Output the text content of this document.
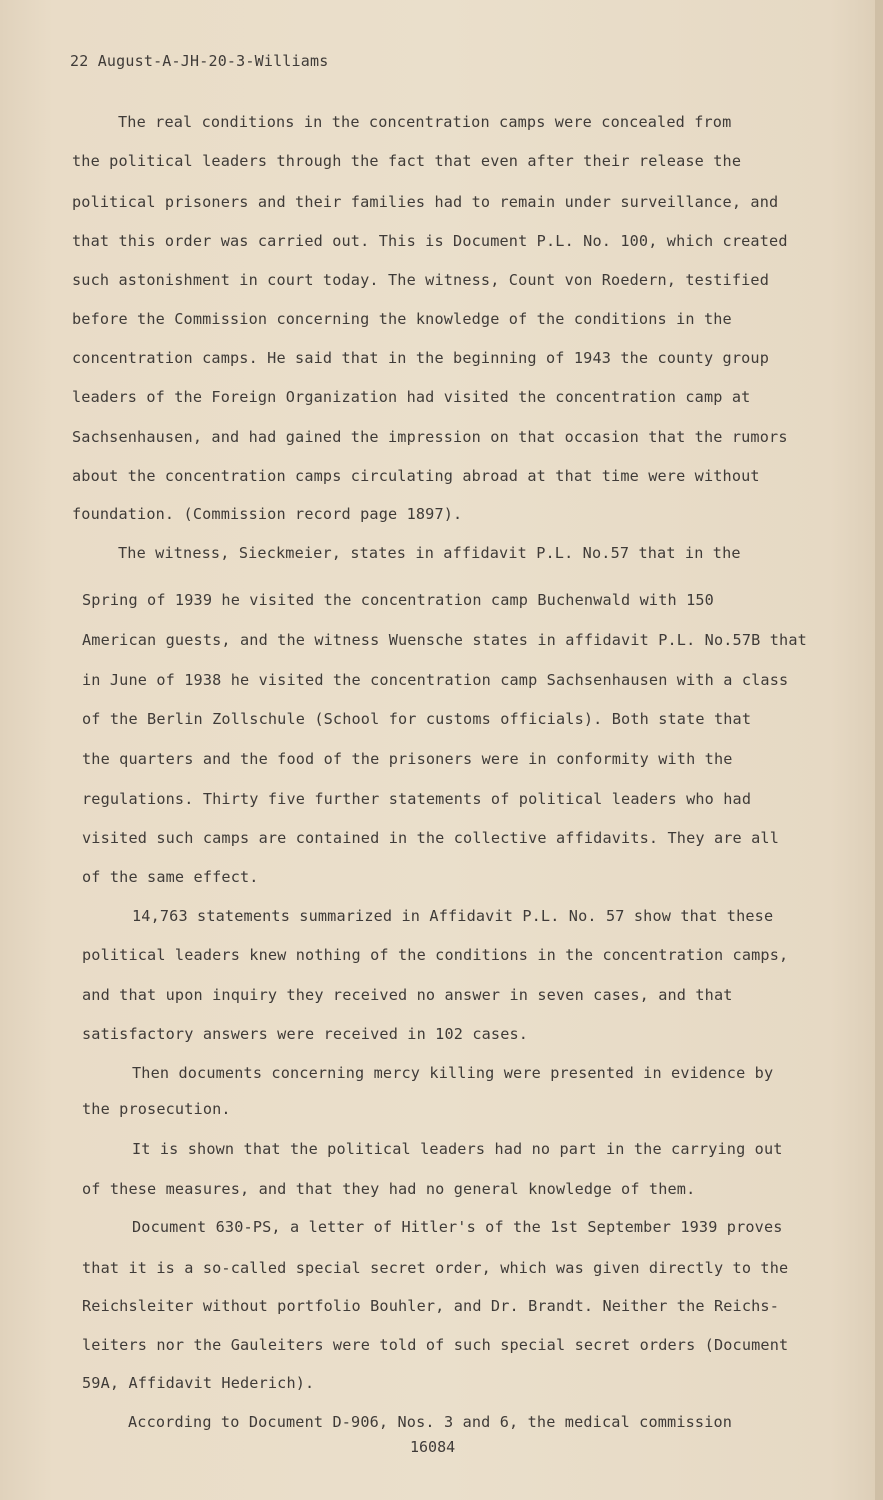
22 August-A-JH-20-3-Williams
The real conditions in the concentration camps were concealed from
the political leaders through the fact that even after their release the
political prisoners and their families had to remain under surveillance, and
that this order was carried out. This is Document P.L. No. 100, which created
such astonishment in court today. The witness, Count von Roedern, testified
before the Commission concerning the knowledge of the conditions in the
concentration camps. He said that in the beginning of 1943 the county group
leaders of the Foreign Organization had visited the concentration camp at
Sachsenhausen, and had gained the impression on that occasion that the rumors
about the concentration camps circulating abroad at that time were without
foundation. (Commission record page 1897).
The witness, Sieckmeier, states in affidavit P.L. No.57 that in the
Spring of 1939 he visited the concentration camp Buchenwald with 150
American guests, and the witness Wuensche states in affidavit P.L. No.57B that
in June of 1938 he visited the concentration camp Sachsenhausen with a class
of the Berlin Zollschule (School for customs officials). Both state that
the quarters and the food of the prisoners were in conformity with the
regulations. Thirty five further statements of political leaders who had
visited such camps are contained in the collective affidavits. They are all
of the same effect.
14,763 statements summarized in Affidavit P.L. No. 57 show that these
political leaders knew nothing of the conditions in the concentration camps,
and that upon inquiry they received no answer in seven cases, and that
satisfactory answers were received in 102 cases.
Then documents concerning mercy killing were presented in evidence by
the prosecution.
It is shown that the political leaders had no part in the carrying out
of these measures, and that they had no general knowledge of them.
Document 630-PS, a letter of Hitler's of the 1st September 1939 proves
that it is a so-called special secret order, which was given directly to the
Reichsleiter without portfolio Bouhler, and Dr. Brandt. Neither the Reichs-
leiters nor the Gauleiters were told of such special secret orders (Document
59A, Affidavit Hederich).
According to Document D-906, Nos. 3 and 6, the medical commission
16084
